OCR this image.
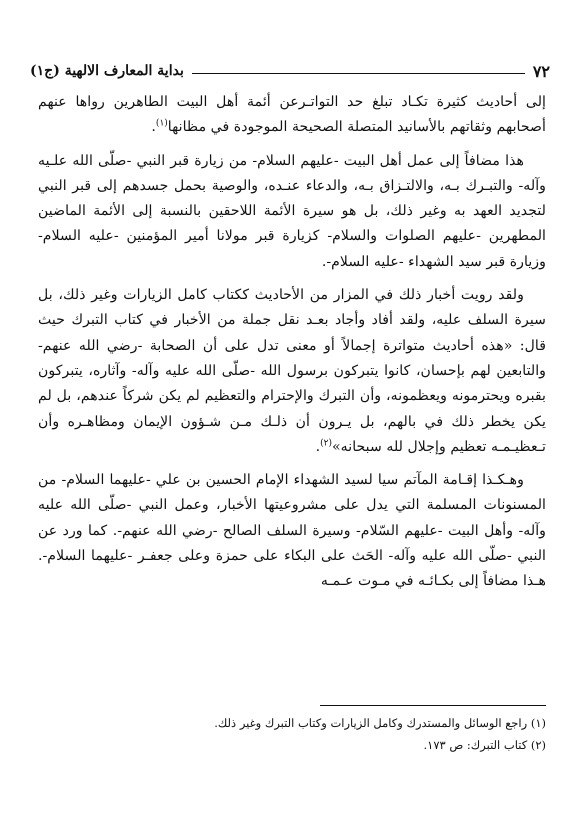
٧٢
بداية المعارف الالهية (ج١)

إلى أحاديث كثيرة تكـاد تبلغ حد التواتـرعن أئمة أهل البيت الطاهرين رواها عنهم أصحابهم وثقاتهم بالأسانيد المتصلة الصحيحة الموجودة في مظانها$^{(١)}$.

هذا مضافاً إلى عمل أهل البيت -عليهم السلام- من زيارة قبر النبي -صلّى الله علـيه وآله- والتبـرك بـه، والالتـزاق بـه، والدعاء عنـده، والوصية بحمل جسدهم إلى قبر النبي لتجديد العهد به وغير ذلك، بل هو سيرة الأئمة اللاحقين بالنسبة إلى الأئمة الماضين المطهرين -عليهم الصلوات والسلام- كزيارة قبر مولانا أمير المؤمنين -عليه السلام- وزيارة قبر سيد الشهداء -عليه السلام-.

ولقد رويت أخبار ذلك في المزار من الأحاديث ككتاب كامل الزيارات وغير ذلك، بل سيرة السلف عليه، ولقد أفاد وأجاد بعـد نقل جملة من الأخبار في كتاب التبرك حيث قال: «هذه أحاديث متواترة إجمالاً أو معنى تدل على أن الصحابة -رضي الله عنهم- والتابعين لهم بإحسان، كانوا يتبركون برسول الله -صلّى الله عليه وآله- وآثاره، يتبركون بقبره ويحترمونه ويعظمونه، وأن التبرك والإحترام والتعظيم لم يكن شركاً عندهم، بل لم يكن يخطر ذلك في بالهم، بل يـرون أن ذلـك مـن شـؤون الإيمان ومظاهـره وأن تـعظيـمـه تعظيم وإجلال لله سبحانه»$^{(٢)}$.

وهـكـذا إقـامة المآتم سيا لسيد الشهداء الإمام الحسين بن علي -عليهما السلام- من المسنونات المسلمة التي يدل على مشروعيتها الأخبار، وعمل النبي -صلّى الله عليه وآله- وأهل البيت -عليهم السّلام- وسيرة السلف الصالح -رضي الله عنهم-. كما ورد عن النبي -صلّى الله عليه وآله- الحَث على البكاء على حمزة وعلى جعفـر -عليهما السلام-. هـذا مضافاً إلى بكـائـه في مـوت عـمـه

(١) راجع الوسائل والمستدرك وكامل الزيارات وكتاب التبرك وغير ذلك.
(٢) كتاب التبرك: ص ١٧٣.
